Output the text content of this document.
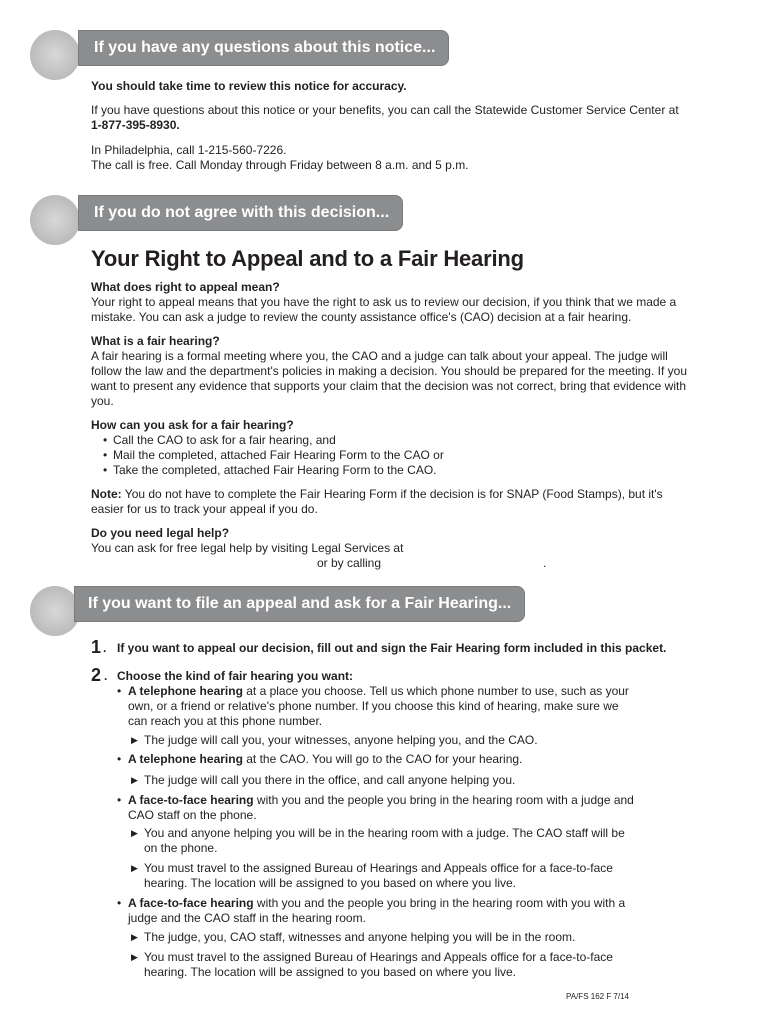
If you have any questions about this notice...

You should take time to review this notice for accuracy.

If you have questions about this notice or your benefits, you can call the Statewide Customer Service Center at
1-877-395-8930.

In Philadelphia, call 1-215-560-7226.
The call is free. Call Monday through Friday between 8 a.m. and 5 p.m.

If you do not agree with this decision...
Your Right to Appeal and to a Fair Hearing

What does right to appeal mean?

Your right to appeal means that you have the right to ask us to review our decision, if you think that we made a mistake. You can ask a judge to review the county assistance office's (CAO) decision at a fair hearing.

What is a fair hearing?

A fair hearing is a formal meeting where you, the CAO and a judge can talk about your appeal. The judge will follow the law and the department's policies in making a decision. You should be prepared for the meeting. If you want to present any evidence that supports your claim that the decision was not correct, bring that evidence with you.

How can you ask for a fair hearing?

• Call the CAO to ask for a fair hearing, and
• Mail the completed, attached Fair Hearing Form to the CAO or
• Take the completed, attached Fair Hearing Form to the CAO.

Note: You do not have to complete the Fair Hearing Form if the decision is for SNAP (Food Stamps), but it's easier for us to track your appeal if you do.

Do you need legal help?

You can ask for free legal help by visiting Legal Services at

or by calling	.
If you want to file an appeal and ask for a Fair Hearing...
1 . If you want to appeal our decision, fill out and sign the Fair Hearing form included in this packet.
2 . Choose the kind of fair hearing you want:
• A telephone hearing at a place you choose. Tell us which phone number to use, such as your own, or a friend or relative's phone number. If you choose this kind of hearing, make sure we can reach you at this phone number.
▶ The judge will call you, your witnesses, anyone helping you, and the CAO.
• A telephone hearing at the CAO. You will go to the CAO for your hearing.
▶ The judge will call you there in the office, and call anyone helping you.
• A face-to-face hearing with you and the people you bring in the hearing room with a judge and CAO staff on the phone.
▶ You and anyone helping you will be in the hearing room with a judge. The CAO staff will be on the phone.
▶ You must travel to the assigned Bureau of Hearings and Appeals office for a face-to-face hearing. The location will be assigned to you based on where you live.
• A face-to-face hearing with you and the people you bring in the hearing room with you with a judge and the CAO staff in the hearing room.
▶ The judge, you, CAO staff, witnesses and anyone helping you will be in the room.
▶ You must travel to the assigned Bureau of Hearings and Appeals office for a face-to-face hearing. The location will be assigned to you based on where you live.
PA/FS 162 F 7/14
